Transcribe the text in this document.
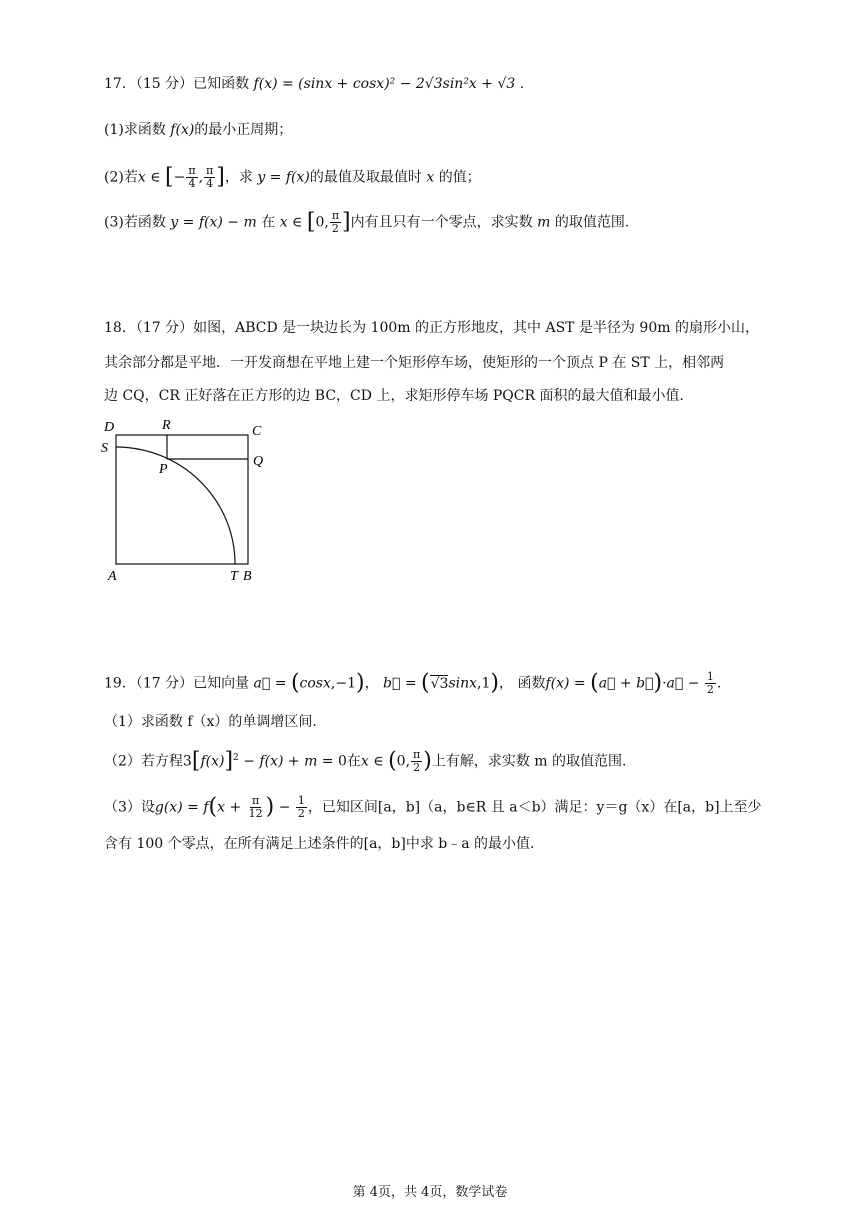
17．（15 分）已知函数 f(x) = (sinx + cosx)² − 2√3sin²x + √3 .
(1)求函数 f(x)的最小正周期；
(2)若x ∈ [− $\frac{\pi}{4}$ , $\frac{\pi}{4}$ ]，求 y = f(x)的最值及取最值时 x 的值；
(3)若函数 y = f(x) − m 在 x ∈ [0, $\frac{\pi}{2}$ ]内有且只有一个零点，求实数 m 的取值范围.
18．（17 分）如图，ABCD 是一块边长为 100m 的正方形地皮，其中 AST 是半径为 90m 的扇形小山，
其余部分都是平地．一开发商想在平地上建一个矩形停车场，使矩形的一个顶点 P 在 ST 上，相邻两
边 CQ，CR 正好落在正方形的边 BC，CD 上，求矩形停车场 PQCR 面积的最大值和最小值．
D	R	C
S
Q
P
A	T B
19．（17 分）已知向量 a⃗ = (cosx,−1)， b⃗ = (√3sinx,1)， 函数f(x) = (a⃗ + b⃗)·a⃗ − $\frac{1}{2}$ .
（1）求函数 f（x）的单调增区间.
（2）若方程$3[f(x)]^2 - f(x) + m = 0$在x ∈ (0, $\frac{\pi}{2}$ )上有解，求实数 m 的取值范围.
（3）设$g(x) = f(x + \frac{\pi}{12}$ ) − $\frac{1}{2}$ ，已知区间[a，b]（a，b∈R 且 a＜b）满足：y＝g（x）在[a，b]上至少
含有 100 个零点，在所有满足上述条件的[a，b]中求 b﹣a 的最小值.
第 4页，共 4页，数学试卷
